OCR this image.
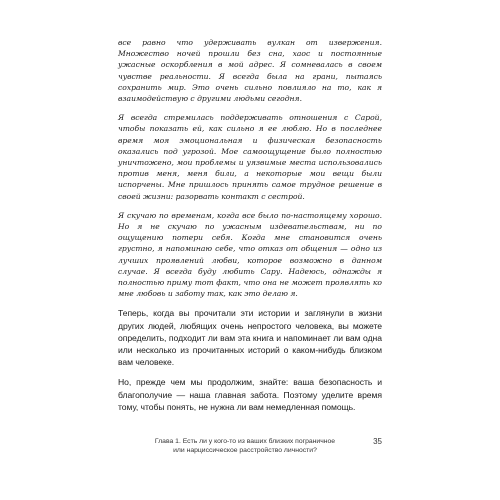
все равно что удерживать вулкан от извержения. Множество ночей прошли без сна, хаос и постоянные ужасные оскорбления в мой адрес. Я сомневалась в своем чувстве реальности. Я всегда была на грани, пытаясь сохранить мир. Это очень сильно повлияло на то, как я взаимодействую с другими людьми сегодня.

Я всегда стремилась поддерживать отношения с Сарой, чтобы показать ей, как сильно я ее люблю. Но в последнее время моя эмоциональная и физическая безопасность оказались под угрозой. Мое самоощущение было полностью уничтожено, мои проблемы и уязвимые места использовались против меня, меня били, а некоторые мои вещи были испорчены. Мне пришлось принять самое трудное решение в своей жизни: разорвать контакт с сестрой.

Я скучаю по временам, когда все было по-настоящему хорошо. Но я не скучаю по ужасным издевательствам, ни по ощущению потери себя. Когда мне становится очень грустно, я напоминаю себе, что отказ от общения — одно из лучших проявлений любви, которое возможно в данном случае. Я всегда буду любить Сару. Надеюсь, однажды я полностью приму тот факт, что она не может проявлять ко мне любовь и заботу так, как это делаю я.

Теперь, когда вы прочитали эти истории и заглянули в жизни других людей, любящих очень непростого человека, вы можете определить, подходит ли вам эта книга и напоминает ли вам одна или несколько из прочитанных историй о каком-нибудь близком вам человеке.

Но, прежде чем мы продолжим, знайте: ваша безопасность и благополучие — наша главная забота. Поэтому уделите время тому, чтобы понять, не нужна ли вам немедленная помощь.

Глава 1. Есть ли у кого-то из ваших близких пограничное
или нарциссическое расстройство личности?
35
